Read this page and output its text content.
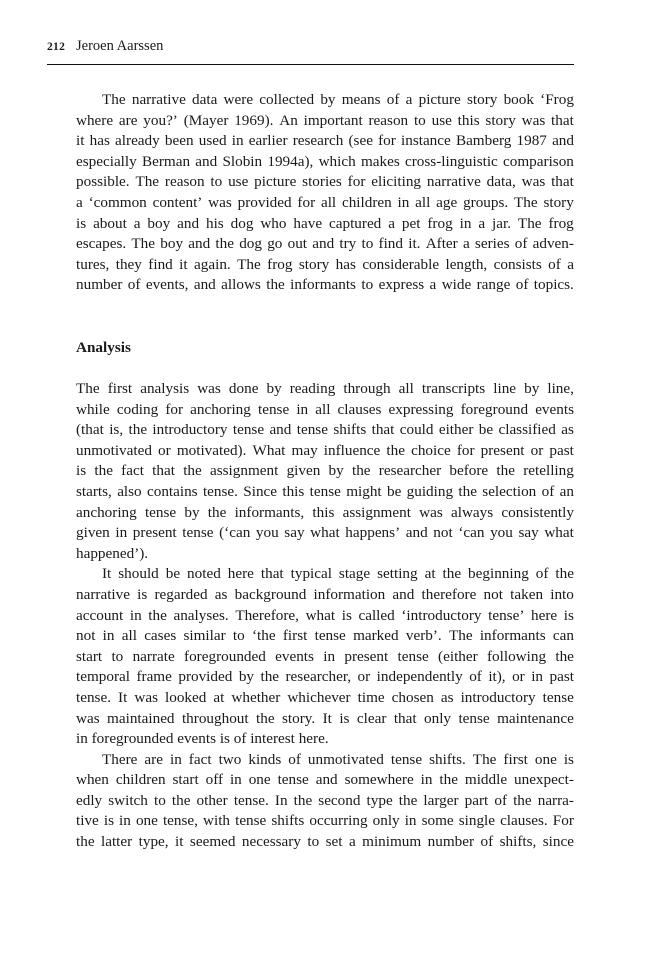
212 Jeroen Aarssen
The narrative data were collected by means of a picture story book ‘Frog
where are you?’ (Mayer 1969). An important reason to use this story was that
it has already been used in earlier research (see for instance Bamberg 1987 and
especially Berman and Slobin 1994a), which makes cross-linguistic comparison
possible. The reason to use picture stories for eliciting narrative data, was that
a ‘common content’ was provided for all children in all age groups. The story
is about a boy and his dog who have captured a pet frog in a jar. The frog
escapes. The boy and the dog go out and try to find it. After a series of adven-
tures, they find it again. The frog story has considerable length, consists of a
number of events, and allows the informants to express a wide range of topics.
Analysis
The first analysis was done by reading through all transcripts line by line,
while coding for anchoring tense in all clauses expressing foreground events
(that is, the introductory tense and tense shifts that could either be classified as
unmotivated or motivated). What may influence the choice for present or past
is the fact that the assignment given by the researcher before the retelling
starts, also contains tense. Since this tense might be guiding the selection of an
anchoring tense by the informants, this assignment was always consistently
given in present tense (‘can you say what happens’ and not ‘can you say what
happened’).
It should be noted here that typical stage setting at the beginning of the
narrative is regarded as background information and therefore not taken into
account in the analyses. Therefore, what is called ‘introductory tense’ here is
not in all cases similar to ‘the first tense marked verb’. The informants can
start to narrate foregrounded events in present tense (either following the
temporal frame provided by the researcher, or independently of it), or in past
tense. It was looked at whether whichever time chosen as introductory tense
was maintained throughout the story. It is clear that only tense maintenance
in foregrounded events is of interest here.
There are in fact two kinds of unmotivated tense shifts. The first one is
when children start off in one tense and somewhere in the middle unexpect-
edly switch to the other tense. In the second type the larger part of the narra-
tive is in one tense, with tense shifts occurring only in some single clauses. For
the latter type, it seemed necessary to set a minimum number of shifts, since
